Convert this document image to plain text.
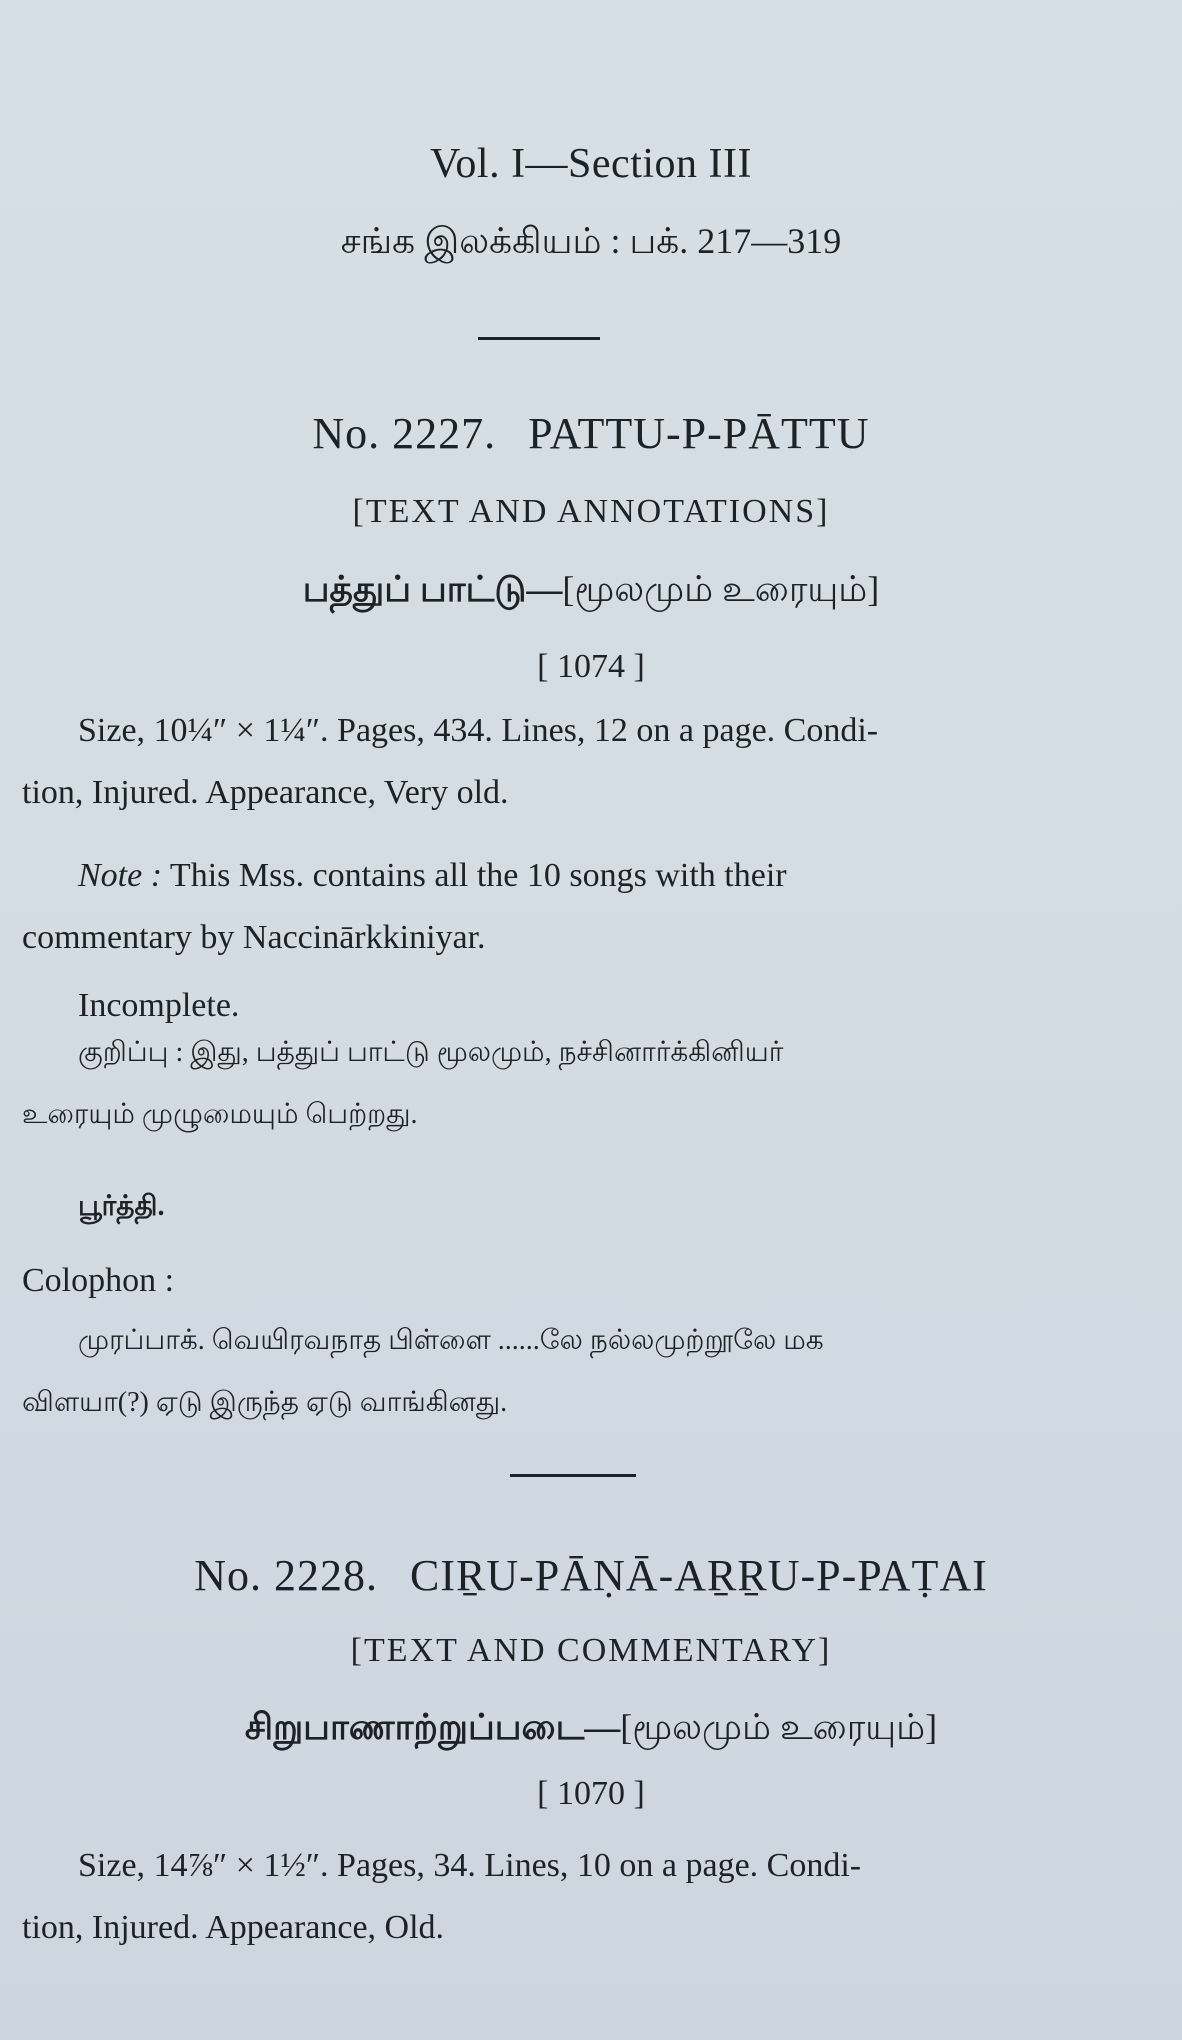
Vol. I—Section III
சங்க இலக்கியம் : பக். 217—319
No. 2227. PATTU-P-PĀTTU
[TEXT AND ANNOTATIONS]
பத்துப் பாட்டு—[மூலமும் உரையும்]
[ 1074 ]
Size, 10¼″ × 1¼″. Pages, 434. Lines, 12 on a page. Condi-
tion, Injured. Appearance, Very old.
Note : This Mss. contains all the 10 songs with their
commentary by Naccinārkkiniyar.
Incomplete.
குறிப்பு : இது, பத்துப் பாட்டு மூலமும், நச்சினார்க்கினியர்
உரையும் முழுமையும் பெற்றது.
பூர்த்தி.
Colophon :
முரப்பாக். வெயிரவநாத பிள்ளை ......லே நல்லமுற்றூலே மக
விளயா(?) ஏடு இருந்த ஏடு வாங்கினது.
No. 2228. CIṞU-PĀṆĀ-AṞṞU-P-PAṬAI
[TEXT AND COMMENTARY]
சிறுபாணாற்றுப்படை—[மூலமும் உரையும்]
[ 1070 ]
Size, 14⅞″ × 1½″. Pages, 34. Lines, 10 on a page. Condi-
tion, Injured. Appearance, Old.
